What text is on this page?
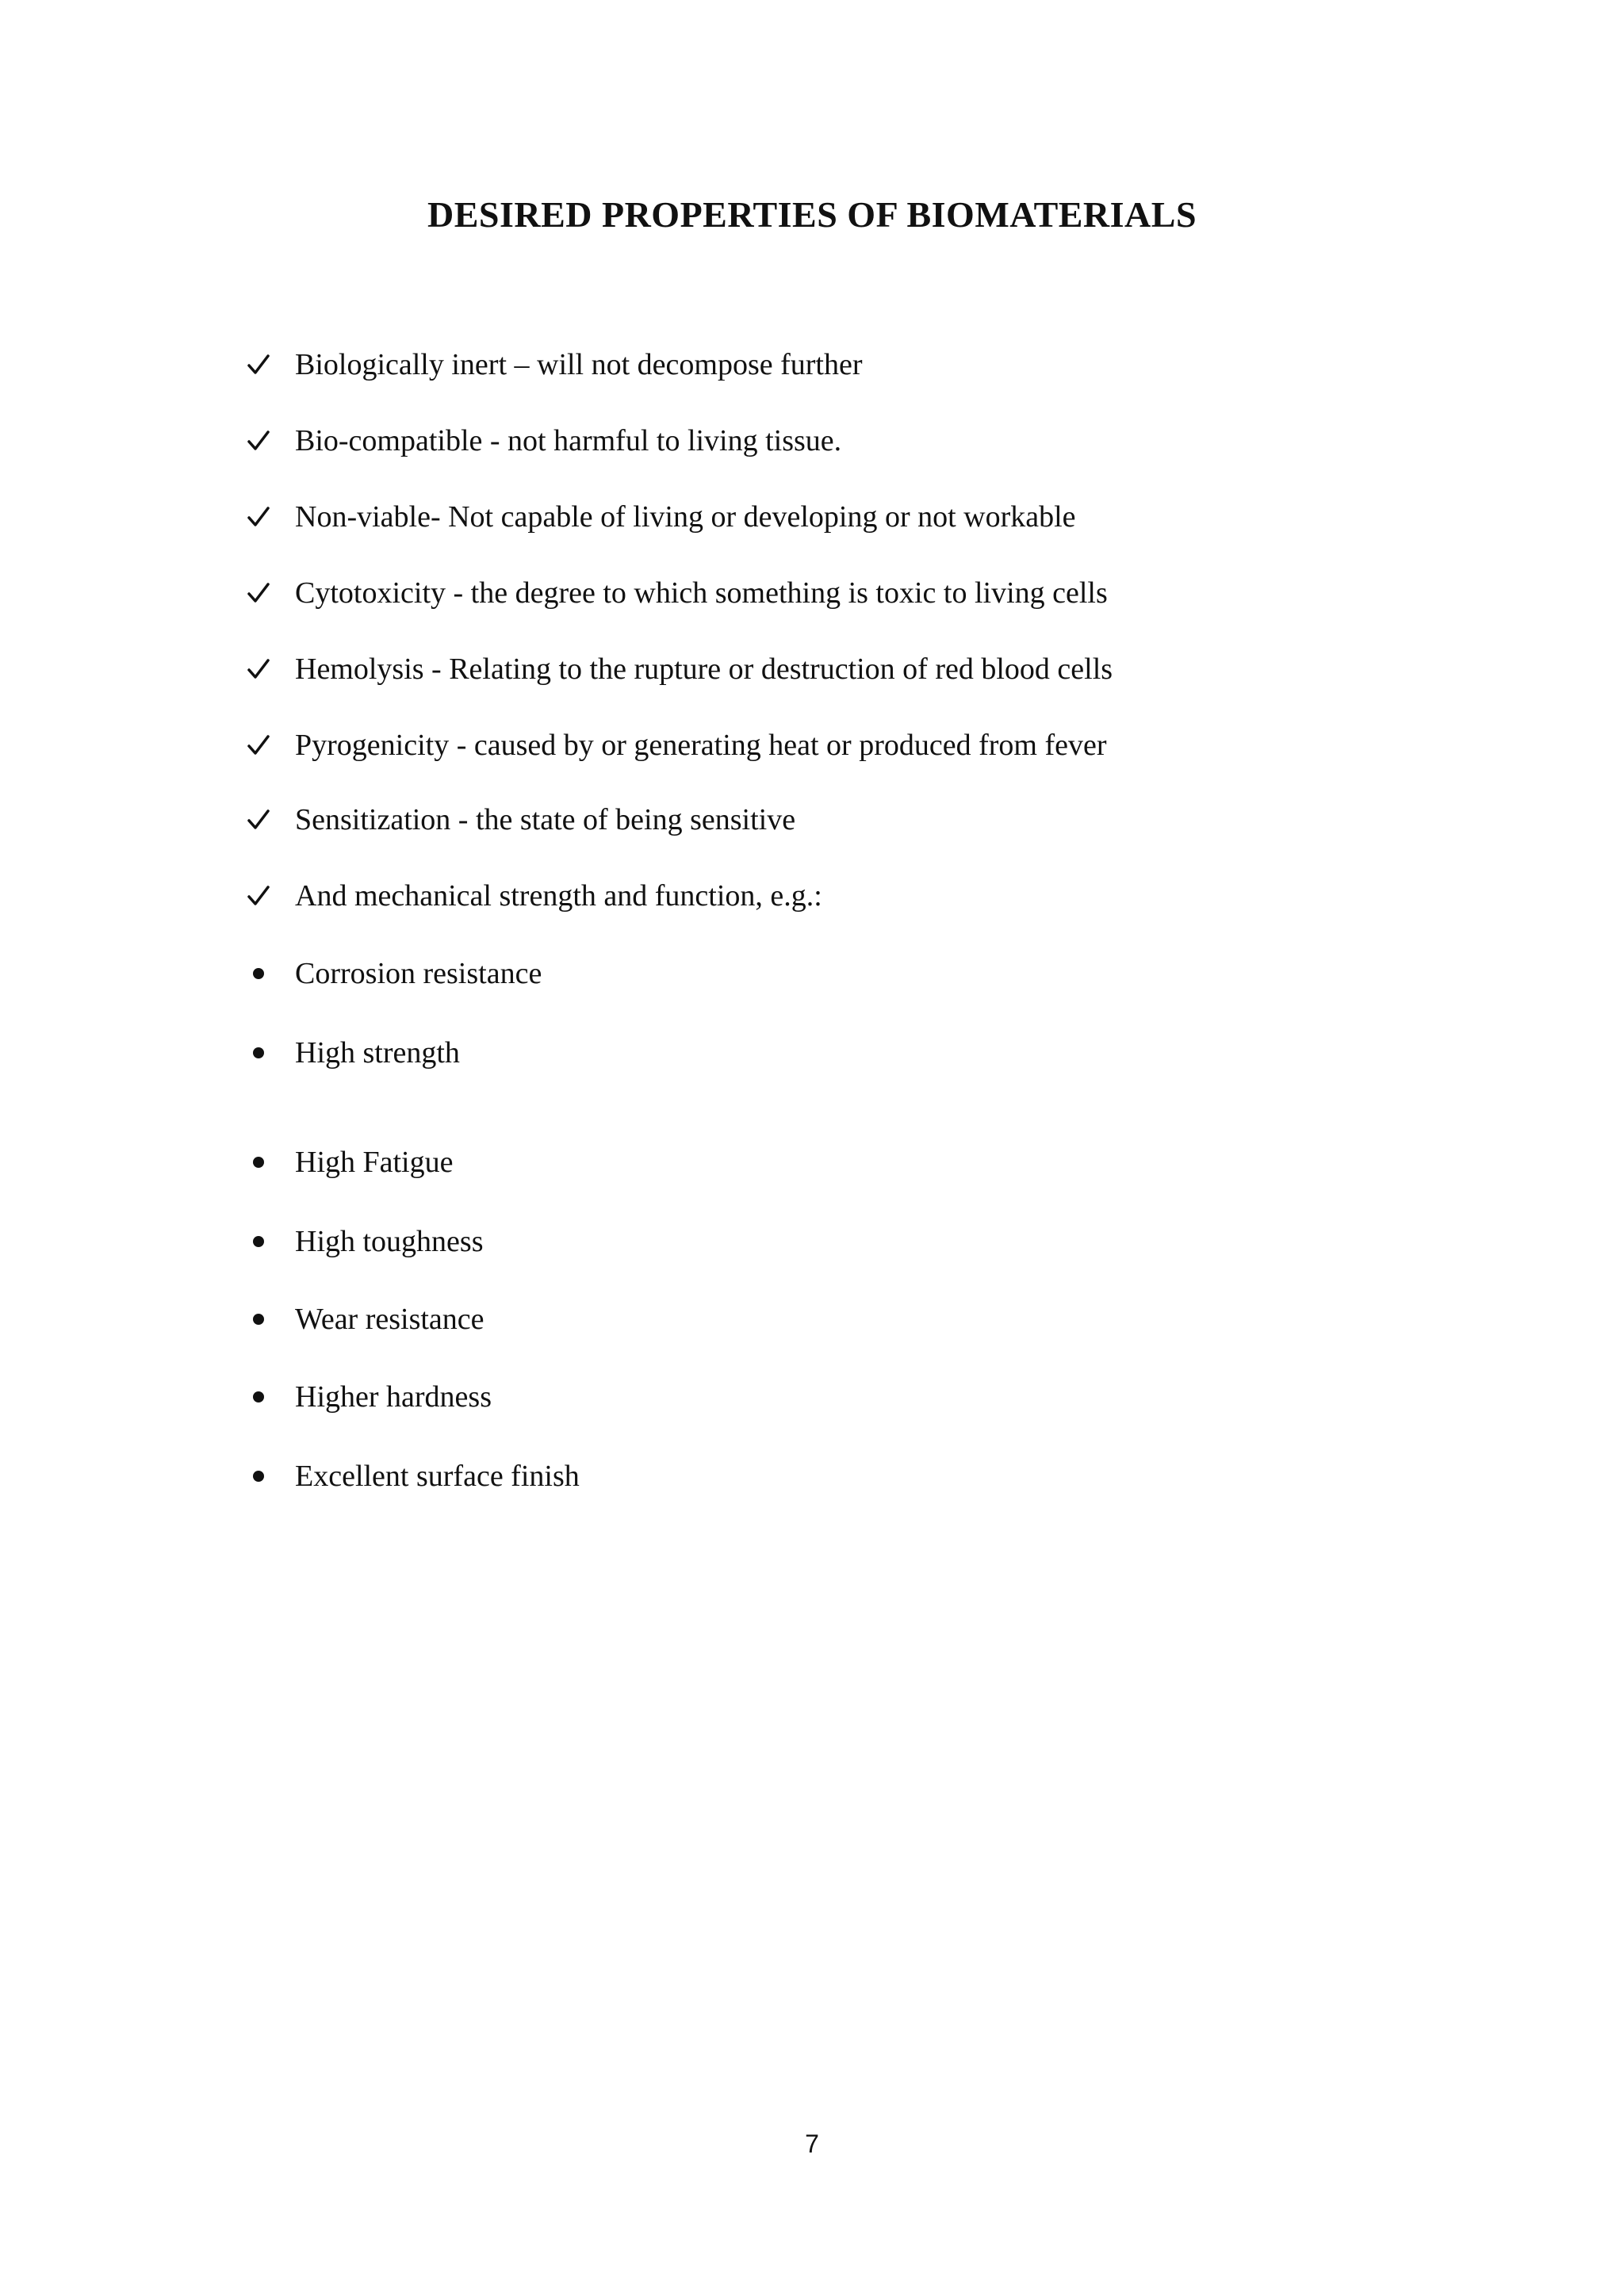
DESIRED PROPERTIES OF BIOMATERIALS
Biologically inert – will not decompose further
Bio-compatible - not harmful to living tissue.
Non-viable- Not capable of living or developing or not workable
Cytotoxicity - the degree to which something is toxic to living cells
Hemolysis - Relating to the rupture or destruction of red blood cells
Pyrogenicity - caused by or generating heat or produced from fever
Sensitization - the state of being sensitive
And mechanical strength and function, e.g.:
Corrosion resistance
High strength
High Fatigue
High toughness
Wear resistance
Higher hardness
Excellent surface finish
7
